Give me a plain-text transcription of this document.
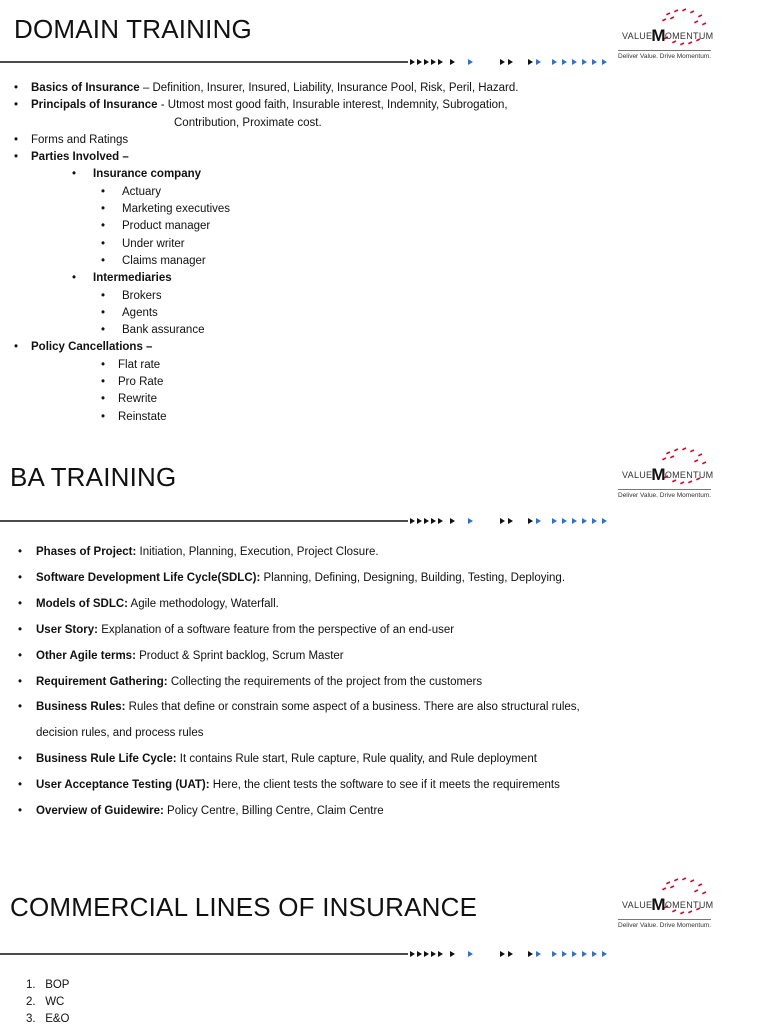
DOMAIN TRAINING	VALUEMOMENTUM
Deliver Value. Drive Momentum.
• Basics of Insurance – Definition, Insurer, Insured, Liability, Insurance Pool, Risk, Peril, Hazard.
• Principals of Insurance - Utmost most good faith, Insurable interest, Indemnity, Subrogation,
Contribution, Proximate cost.
• Forms and Ratings
• Parties Involved –
• Insurance company
• Actuary
• Marketing executives
• Product manager
• Under writer
• Claims manager
• Intermediaries
• Brokers
• Agents
• Bank assurance
• Policy Cancellations –
• Flat rate
• Pro Rate
• Rewrite
• Reinstate
BA TRAINING	VALUEMOMENTUM
Deliver Value. Drive Momentum.
• Phases of Project: Initiation, Planning, Execution, Project Closure.
• Software Development Life Cycle(SDLC): Planning, Defining, Designing, Building, Testing, Deploying.
• Models of SDLC: Agile methodology, Waterfall.
• User Story: Explanation of a software feature from the perspective of an end-user
• Other Agile terms: Product & Sprint backlog, Scrum Master
• Requirement Gathering: Collecting the requirements of the project from the customers
• Business Rules: Rules that define or constrain some aspect of a business. There are also structural rules,
decision rules, and process rules
• Business Rule Life Cycle: It contains Rule start, Rule capture, Rule quality, and Rule deployment
• User Acceptance Testing (UAT): Here, the client tests the software to see if it meets the requirements
• Overview of Guidewire: Policy Centre, Billing Centre, Claim Centre
COMMERCIAL LINES OF INSURANCE	VALUEMOMENTUM
Deliver Value. Drive Momentum.
1. BOP
2. WC
3. E&O
